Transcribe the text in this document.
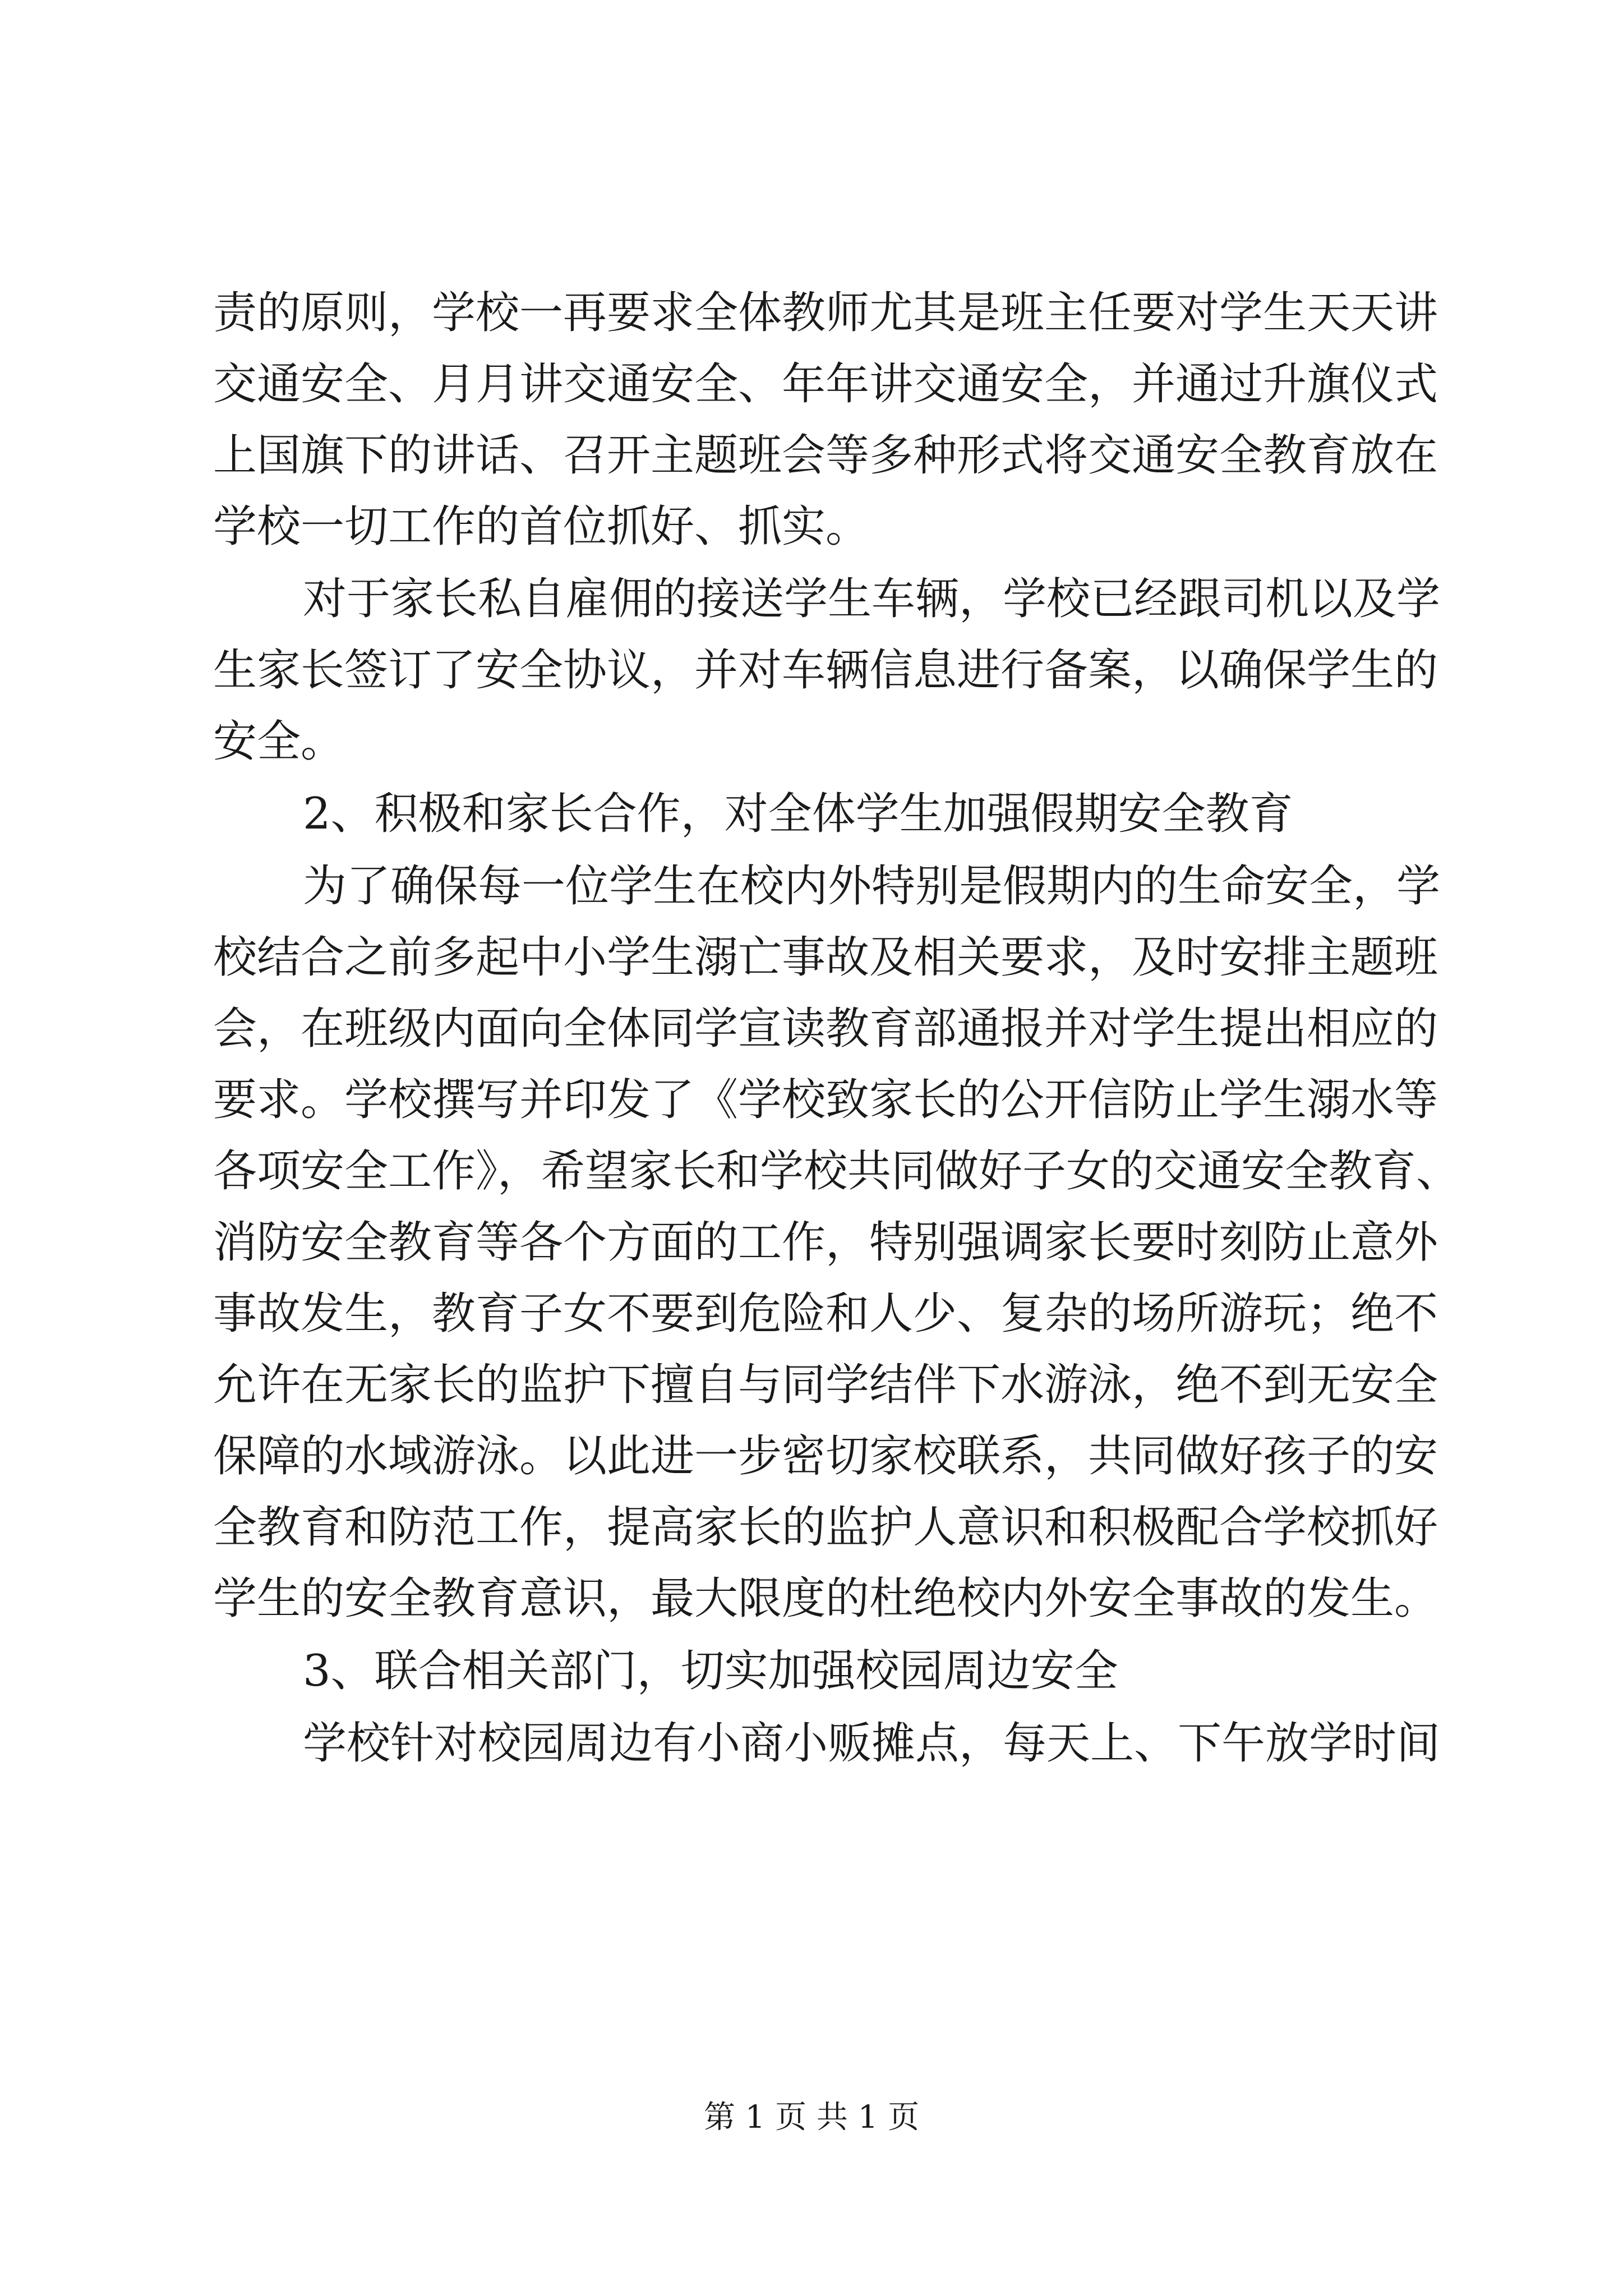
责的原则，学校一再要求全体教师尤其是班主任要对学生天天讲
交通安全、月月讲交通安全、年年讲交通安全，并通过升旗仪式
上国旗下的讲话、召开主题班会等多种形式将交通安全教育放在
学校一切工作的首位抓好、抓实。
对于家长私自雇佣的接送学生车辆，学校已经跟司机以及学
生家长签订了安全协议，并对车辆信息进行备案，以确保学生的
安全。
2、积极和家长合作，对全体学生加强假期安全教育
为了确保每一位学生在校内外特别是假期内的生命安全，学
校结合之前多起中小学生溺亡事故及相关要求，及时安排主题班
会，在班级内面向全体同学宣读教育部通报并对学生提出相应的
要求。学校撰写并印发了《学校致家长的公开信防止学生溺水等
各项安全工作》，希望家长和学校共同做好子女的交通安全教育、
消防安全教育等各个方面的工作，特别强调家长要时刻防止意外
事故发生，教育子女不要到危险和人少、复杂的场所游玩；绝不
允许在无家长的监护下擅自与同学结伴下水游泳，绝不到无安全
保障的水域游泳。以此进一步密切家校联系，共同做好孩子的安
全教育和防范工作，提高家长的监护人意识和积极配合学校抓好
学生的安全教育意识，最大限度的杜绝校内外安全事故的发生。
3、联合相关部门，切实加强校园周边安全
学校针对校园周边有小商小贩摊点，每天上、下午放学时间
第 1 页 共 1 页
